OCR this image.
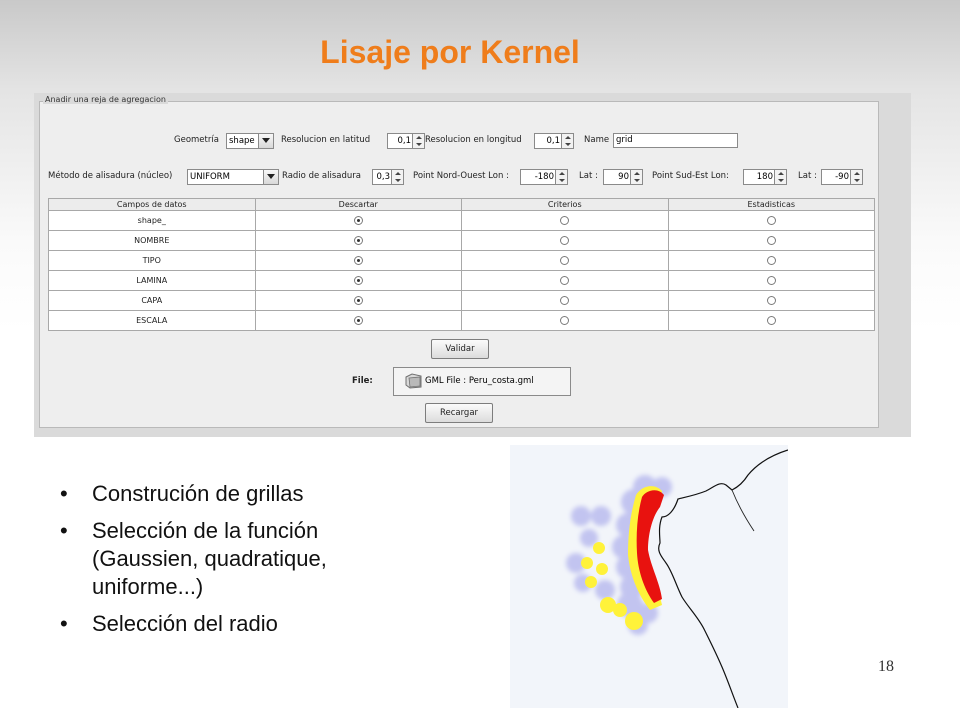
Lisaje por Kernel
Anadir una reja de agregacion
Geometría	shape	Resolucion en latitud	0,1 Resolucion en longitud	0,1	Name grid
Método de alisadura (núcleo)	UNIFORM	Radio de alisadura 0,3	Point Nord-Ouest Lon :	-180	Lat : 90	Point Sud-Est Lon:	180	Lat : -90
Campos de datos	Descartar	Criterios	Estadisticas
shape_			
NOMBRE			
TIPO			
LAMINA			
CAPA			
ESCALA			
Validar
File:	GML File : Peru_costa.gml
Recargar
• Construción de grillas
• Selección de la función (Gaussien, quadratique, uniforme...)
• Selección del radio
18
